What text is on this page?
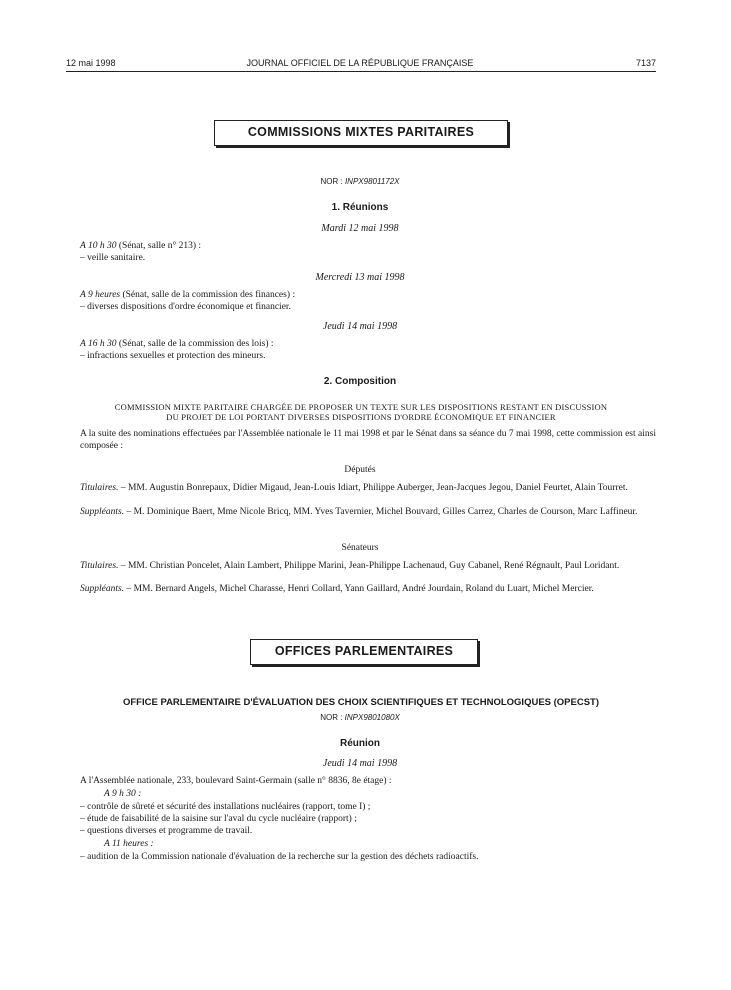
12 mai 1998	JOURNAL OFFICIEL DE LA RÉPUBLIQUE FRANÇAISE	7137
COMMISSIONS MIXTES PARITAIRES
NOR : INPX9801172X
1. Réunions
Mardi 12 mai 1998
A 10 h 30 (Sénat, salle n° 213) :
– veille sanitaire.
Mercredi 13 mai 1998
A 9 heures (Sénat, salle de la commission des finances) :
– diverses dispositions d'ordre économique et financier.
Jeudi 14 mai 1998
A 16 h 30 (Sénat, salle de la commission des lois) :
– infractions sexuelles et protection des mineurs.
2. Composition
COMMISSION MIXTE PARITAIRE CHARGÉE DE PROPOSER UN TEXTE SUR LES DISPOSITIONS RESTANT EN DISCUSSION
DU PROJET DE LOI PORTANT DIVERSES DISPOSITIONS D'ORDRE ÉCONOMIQUE ET FINANCIER
A la suite des nominations effectuées par l'Assemblée nationale le 11 mai 1998 et par le Sénat dans sa séance du 7 mai 1998, cette commission est ainsi composée :
Députés
Titulaires. – MM. Augustin Bonrepaux, Didier Migaud, Jean-Louis Idiart, Philippe Auberger, Jean-Jacques Jegou, Daniel Feurtet, Alain Tourret.
Suppléants. – M. Dominique Baert, Mme Nicole Bricq, MM. Yves Tavernier, Michel Bouvard, Gilles Carrez, Charles de Courson, Marc Laffineur.
Sénateurs
Titulaires. – MM. Christian Poncelet, Alain Lambert, Philippe Marini, Jean-Philippe Lachenaud, Guy Cabanel, René Régnault, Paul Loridant.
Suppléants. – MM. Bernard Angels, Michel Charasse, Henri Collard, Yann Gaillard, André Jourdain, Roland du Luart, Michel Mercier.
OFFICES PARLEMENTAIRES
OFFICE PARLEMENTAIRE D'ÉVALUATION DES CHOIX SCIENTIFIQUES ET TECHNOLOGIQUES (OPECST)
NOR : INPX9801080X
Réunion
Jeudi 14 mai 1998
A l'Assemblée nationale, 233, boulevard Saint-Germain (salle n° 8836, 8e étage) :
A 9 h 30 :
– contrôle de sûreté et sécurité des installations nucléaires (rapport, tome I) ;
– étude de faisabilité de la saisine sur l'aval du cycle nucléaire (rapport) ;
– questions diverses et programme de travail.
A 11 heures :
– audition de la Commission nationale d'évaluation de la recherche sur la gestion des déchets radioactifs.
